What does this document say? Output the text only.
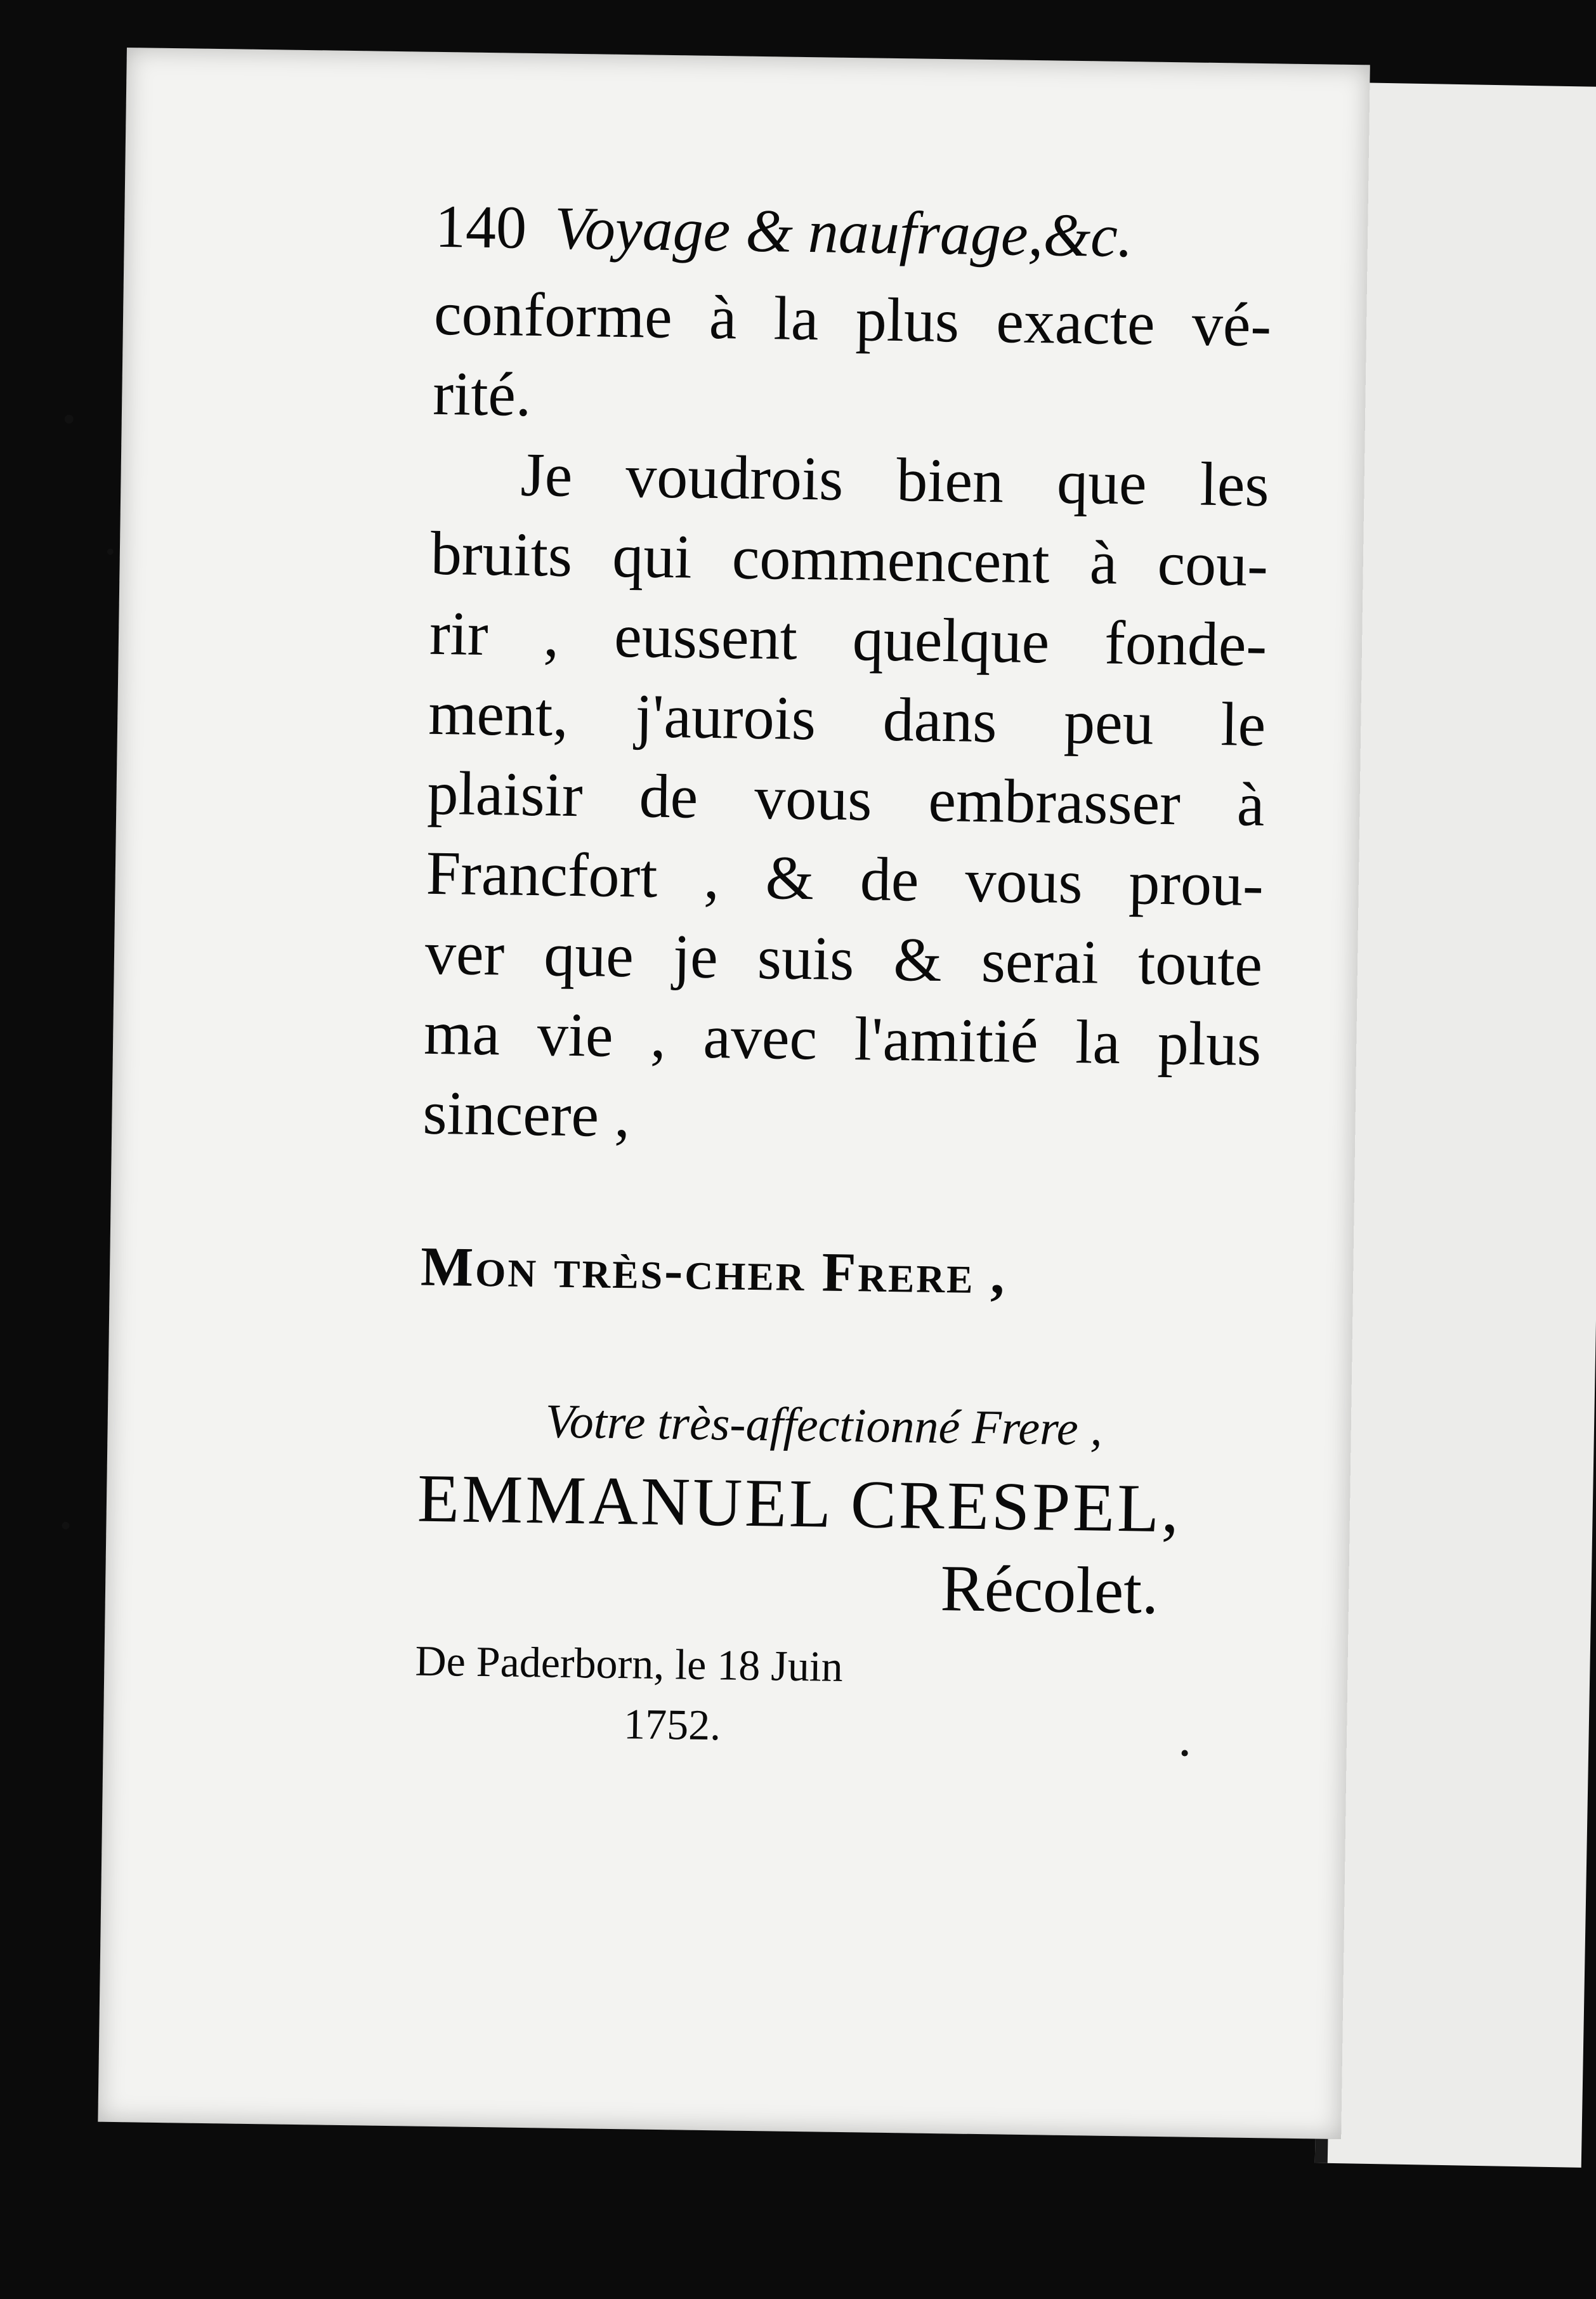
140 Voyage & naufrage,&c.
conforme à la plus exacte vé-
rité.
Je voudrois bien que les
bruits qui commencent à cou-
rir , eussent quelque fonde-
ment, j'aurois dans peu le
plaisir de vous embrasser à
Francfort , & de vous prou-
ver que je suis & serai toute
ma vie , avec l'amitié la plus
sincere ,
Mon très-cher Frere ,
Votre très-affectionné Frere ,
EMMANUEL CRESPEL,
Récolet.
De Paderborn, le 18 Juin
1752.
